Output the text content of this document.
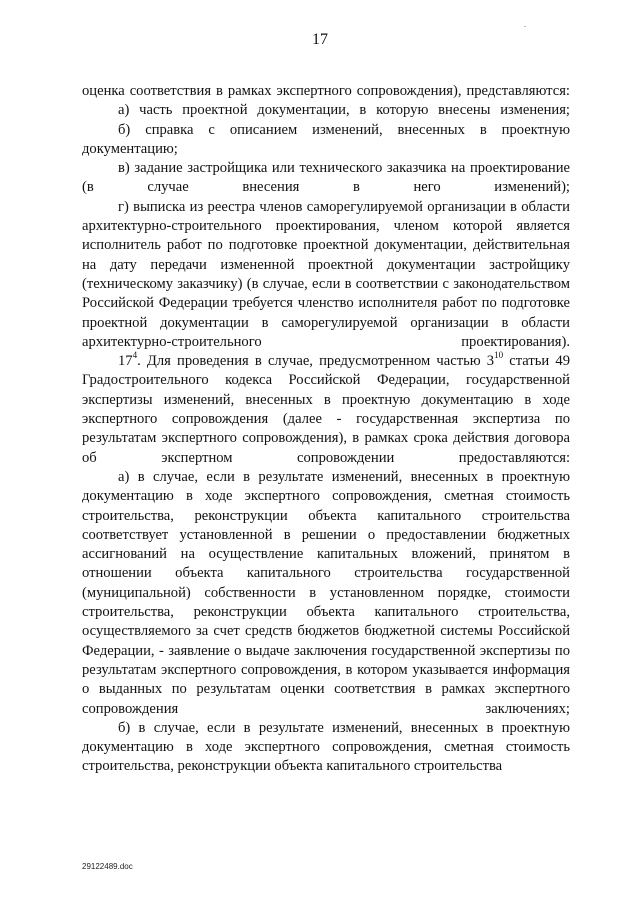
17

оценка соответствия в рамках экспертного сопровождения), представляются:

а) часть проектной документации, в которую внесены изменения;

б) справка с описанием изменений, внесенных в проектную документацию;

в) задание застройщика или технического заказчика на проектирование (в случае внесения в него изменений);

г) выписка из реестра членов саморегулируемой организации в области архитектурно-строительного проектирования, членом которой является исполнитель работ по подготовке проектной документации, действительная на дату передачи измененной проектной документации застройщику (техническому заказчику) (в случае, если в соответствии с законодательством Российской Федерации требуется членство исполнителя работ по подготовке проектной документации в саморегулируемой организации в области архитектурно-строительного	проектирования).

$17^4$. Для проведения в случае, предусмотренном частью $3^{10}$ статьи 49 Градостроительного кодекса Российской Федерации, государственной экспертизы изменений, внесенных в проектную документацию в ходе экспертного сопровождения (далее - государственная экспертиза по результатам экспертного сопровождения), в рамках срока действия договора об экспертном сопровождении предоставляются:

а) в случае, если в результате изменений, внесенных в проектную документацию в ходе экспертного сопровождения, сметная стоимость строительства, реконструкции объекта капитального строительства соответствует установленной в решении о предоставлении бюджетных ассигнований на осуществление капитальных вложений, принятом в отношении объекта капитального строительства государственной (муниципальной) собственности в установленном порядке, стоимости строительства, реконструкции объекта капитального строительства, осуществляемого за счет средств бюджетов бюджетной системы Российской Федерации, - заявление о выдаче заключения государственной экспертизы по результатам экспертного сопровождения, в котором указывается информация о выданных по результатам оценки соответствия в рамках экспертного сопровождения заключениях;

б) в случае, если в результате изменений, внесенных в проектную документацию в ходе экспертного сопровождения, сметная стоимость строительства, реконструкции объекта капитального строительства

29122489.doc
